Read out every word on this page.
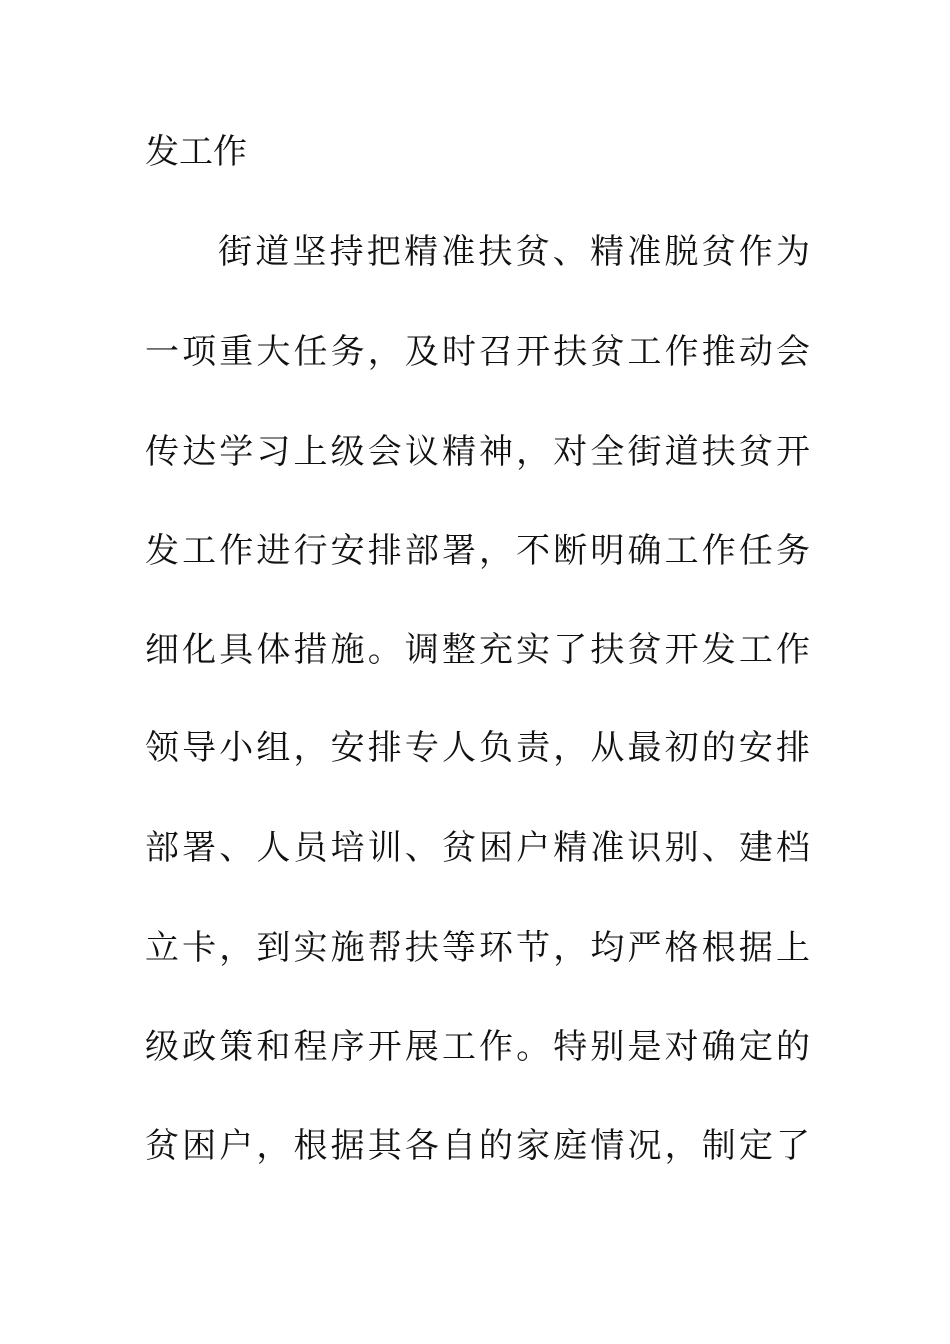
发工作
街道坚持把精准扶贫、精准脱贫作为
一项重大任务，及时召开扶贫工作推动会
传达学习上级会议精神，对全街道扶贫开
发工作进行安排部署，不断明确工作任务
细化具体措施。调整充实了扶贫开发工作
领导小组，安排专人负责，从最初的安排
部署、人员培训、贫困户精准识别、建档
立卡，到实施帮扶等环节，均严格根据上
级政策和程序开展工作。特别是对确定的
贫困户，根据其各自的家庭情况，制定了
